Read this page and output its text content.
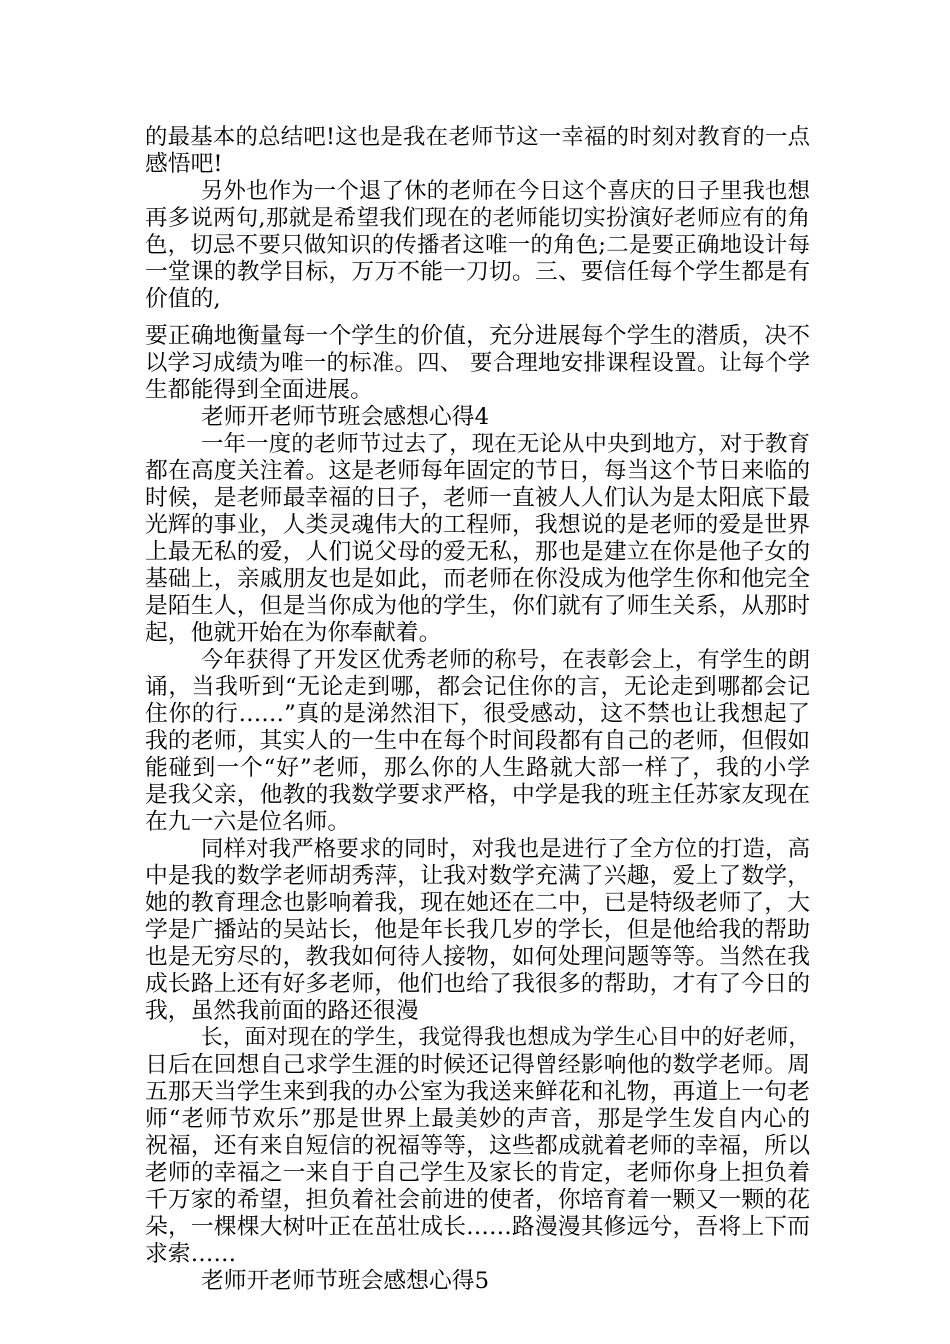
的最基本的总结吧!这也是我在老师节这一幸福的时刻对教育的一点
感悟吧!
另外也作为一个退了休的老师在今日这个喜庆的日子里我也想
再多说两句,那就是希望我们现在的老师能切实扮演好老师应有的角
色，切忌不要只做知识的传播者这唯一的角色;二是要正确地设计每
一堂课的教学目标，万万不能一刀切。三、要信任每个学生都是有
价值的,
要正确地衡量每一个学生的价值，充分进展每个学生的潜质，决不
以学习成绩为唯一的标准。四、 要合理地安排课程设置。让每个学
生都能得到全面进展。
老师开老师节班会感想心得4
一年一度的老师节过去了，现在无论从中央到地方，对于教育
都在高度关注着。这是老师每年固定的节日，每当这个节日来临的
时候，是老师最幸福的日子，老师一直被人人们认为是太阳底下最
光辉的事业，人类灵魂伟大的工程师，我想说的是老师的爱是世界
上最无私的爱，人们说父母的爱无私，那也是建立在你是他子女的
基础上，亲戚朋友也是如此，而老师在你没成为他学生你和他完全
是陌生人，但是当你成为他的学生，你们就有了师生关系，从那时
起，他就开始在为你奉献着。
今年获得了开发区优秀老师的称号，在表彰会上，有学生的朗
诵，当我听到“无论走到哪，都会记住你的言，无论走到哪都会记
住你的行……”真的是涕然泪下，很受感动，这不禁也让我想起了
我的老师，其实人的一生中在每个时间段都有自己的老师，但假如
能碰到一个“好”老师，那么你的人生路就大部一样了，我的小学
是我父亲，他教的我数学要求严格，中学是我的班主任苏家友现在
在九一六是位名师。
同样对我严格要求的同时，对我也是进行了全方位的打造，高
中是我的数学老师胡秀萍，让我对数学充满了兴趣，爱上了数学，
她的教育理念也影响着我，现在她还在二中，已是特级老师了，大
学是广播站的吴站长，他是年长我几岁的学长，但是他给我的帮助
也是无穷尽的，教我如何待人接物，如何处理问题等等。当然在我
成长路上还有好多老师，他们也给了我很多的帮助，才有了今日的
我，虽然我前面的路还很漫
长，面对现在的学生，我觉得我也想成为学生心目中的好老师，
日后在回想自己求学生涯的时候还记得曾经影响他的数学老师。周
五那天当学生来到我的办公室为我送来鲜花和礼物，再道上一句老
师“老师节欢乐”那是世界上最美妙的声音，那是学生发自内心的
祝福，还有来自短信的祝福等等，这些都成就着老师的幸福，所以
老师的幸福之一来自于自己学生及家长的肯定，老师你身上担负着
千万家的希望，担负着社会前进的使者，你培育着一颗又一颗的花
朵，一棵棵大树叶正在茁壮成长……路漫漫其修远兮，吾将上下而
求索……
老师开老师节班会感想心得5
